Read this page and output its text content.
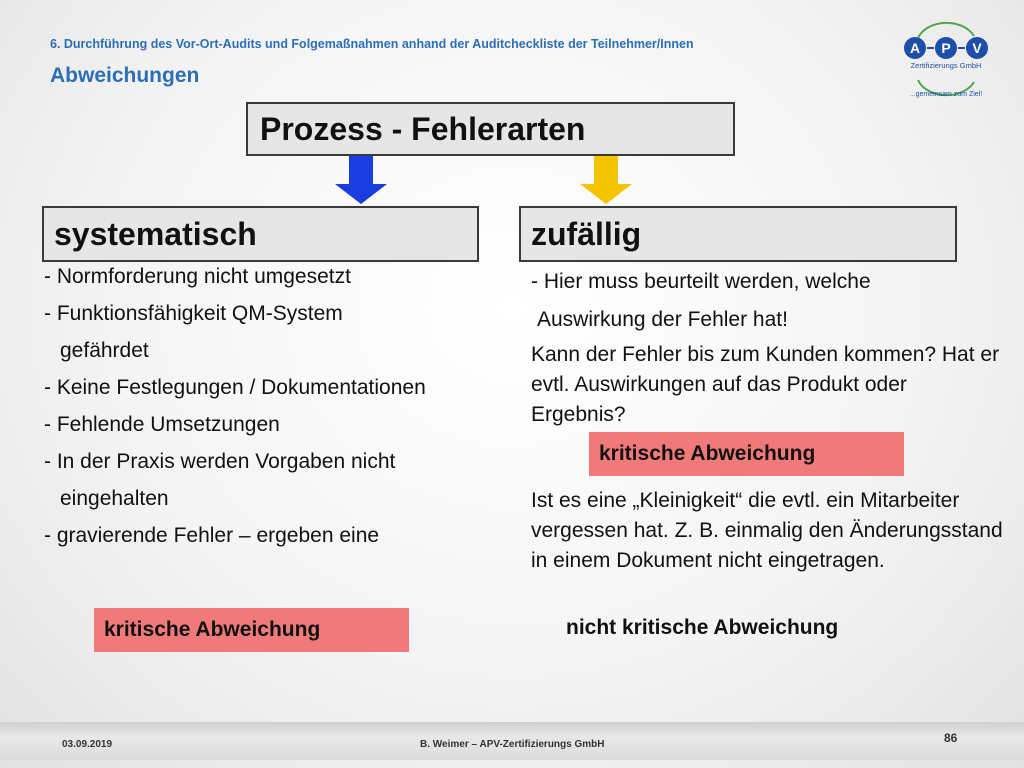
6. Durchführung des Vor-Ort-Audits und Folgemaßnahmen anhand der Auditcheckliste der Teilnehmer/Innen
Abweichungen
A P V
Zertifizierungs GmbH
...gemeinsam zum Ziel!
Prozess - Fehlerarten
systematisch	zufällig
- Normforderung nicht umgesetzt
- Funktionsfähigkeit QM-System
gefährdet
- Keine Festlegungen / Dokumentationen
- Fehlende Umsetzungen
- In der Praxis werden Vorgaben nicht
eingehalten
- gravierende Fehler – ergeben eine
kritische Abweichung
- Hier muss beurteilt werden, welche
Auswirkung der Fehler hat!
Kann der Fehler bis zum Kunden kommen? Hat er evtl. Auswirkungen auf das Produkt oder Ergebnis?
kritische Abweichung
Ist es eine „Kleinigkeit“ die evtl. ein Mitarbeiter vergessen hat. Z. B. einmalig den Änderungsstand in einem Dokument nicht eingetragen.
nicht kritische Abweichung
03.09.2019	B. Weimer – APV-Zertifizierungs GmbH	86
